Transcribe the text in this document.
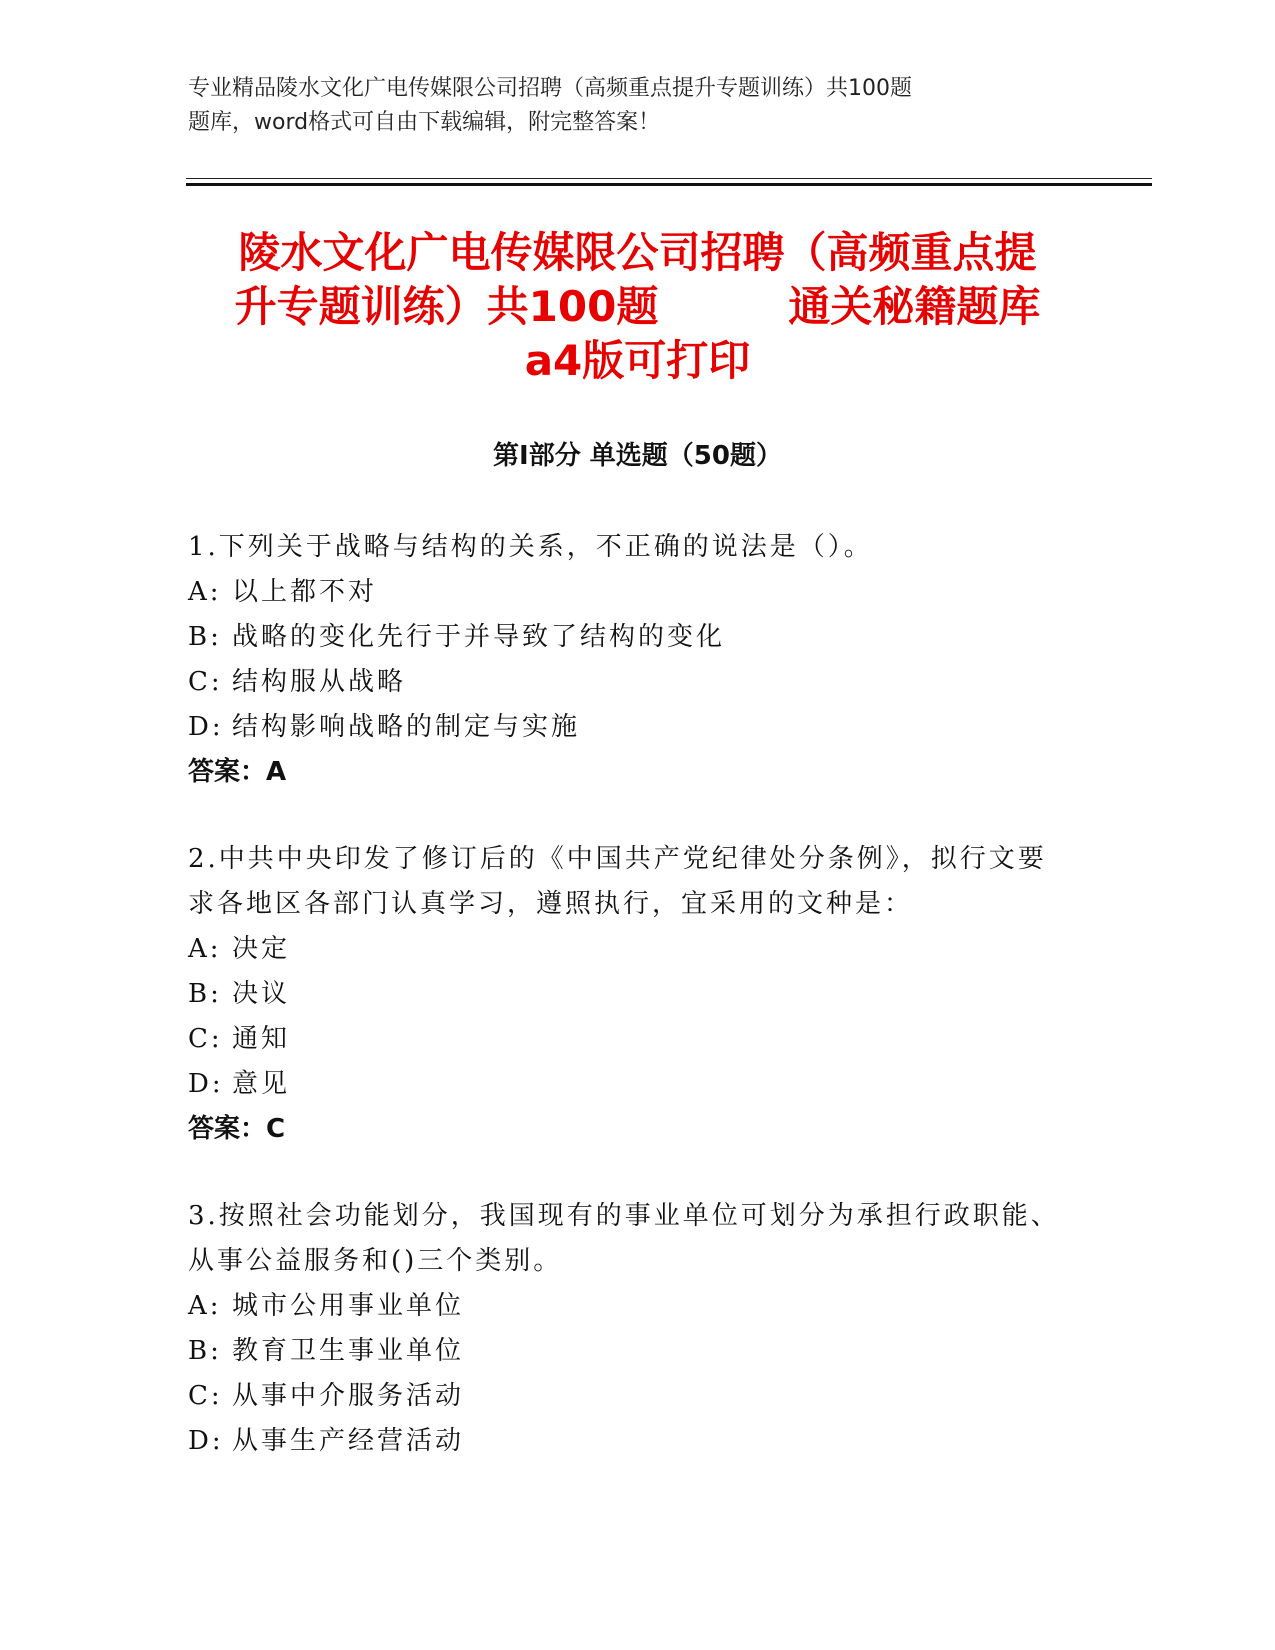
专业精品陵水文化广电传媒限公司招聘（高频重点提升专题训练）共100题
题库，word格式可自由下载编辑，附完整答案！
陵水文化广电传媒限公司招聘（高频重点提
升专题训练）共100题	通关秘籍题库
a4版可打印
第Ⅰ部分 单选题（50题）
1.下列关于战略与结构的关系，不正确的说法是（）。
A: 以上都不对
B: 战略的变化先行于并导致了结构的变化
C: 结构服从战略
D: 结构影响战略的制定与实施
答案：A
2.中共中央印发了修订后的《中国共产党纪律处分条例》，拟行文要求各地区各部门认真学习，遵照执行，宜采用的文种是：
A: 决定
B: 决议
C: 通知
D: 意见
答案：C
3.按照社会功能划分，我国现有的事业单位可划分为承担行政职能、从事公益服务和()三个类别。
A: 城市公用事业单位
B: 教育卫生事业单位
C: 从事中介服务活动
D: 从事生产经营活动
